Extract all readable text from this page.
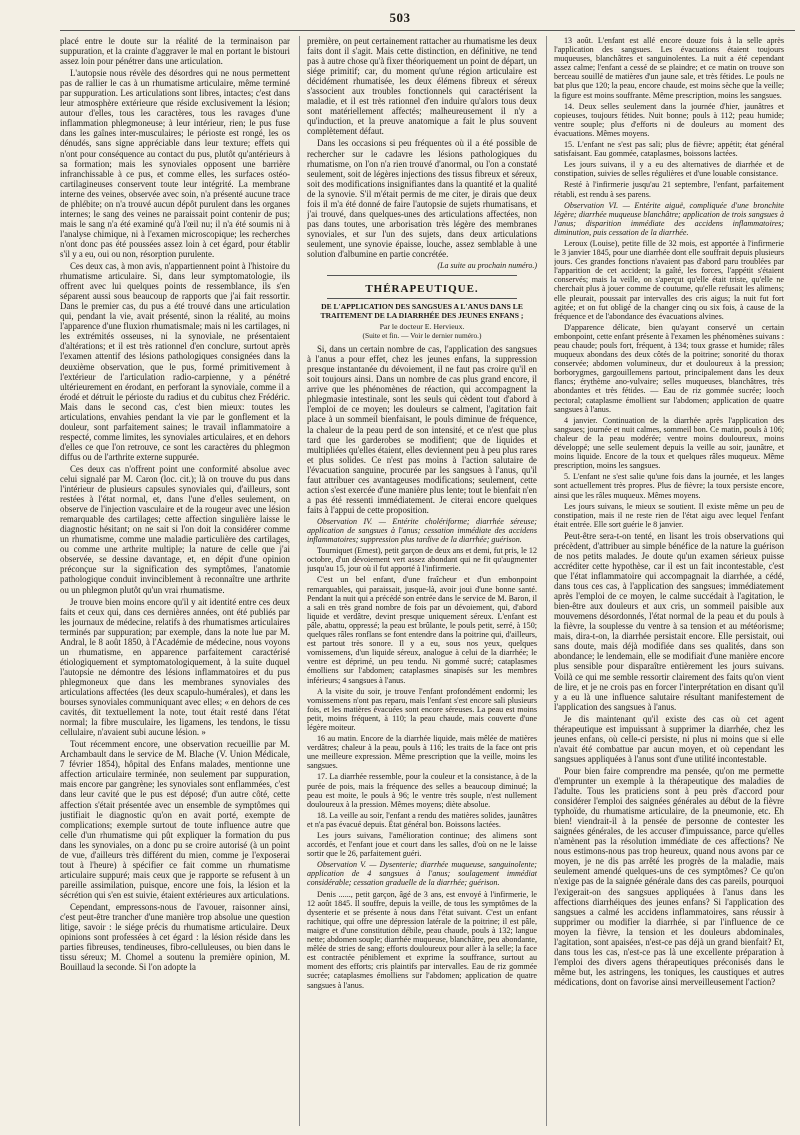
503

placé entre le doute sur la réalité de la terminaison par suppuration, et la crainte d'aggraver le mal en portant le bistouri assez loin pour pénétrer dans une articulation.

L'autopsie nous révèle des désordres qui ne nous permettent pas de rallier le cas à un rhumatisme articulaire, même terminé par suppuration. Les articulations sont libres, intactes; c'est dans leur atmosphère extérieure que réside exclusivement la lésion; autour d'elles, tous les caractères, tous les ravages d'une inflammation phlegmoneuse; à leur intérieur, rien; le pus fuse dans les gaînes inter-musculaires; le périoste est rongé, les os dénudés, sans signe appréciable dans leur texture; effets qui n'ont pour conséquence au contact du pus, plutôt qu'antérieurs à sa formation; mais les synoviales opposent une barrière infranchissable à ce pus, et comme elles, les surfaces ostéo-cartilagineuses conservent toute leur intégrité. La membrane interne des veines, observée avec soin, n'a présenté aucune trace de phlébite; on n'a trouvé aucun dépôt purulent dans les organes internes; le sang des veines ne paraissait point contenir de pus; mais le sang n'a été examiné qu'à l'œil nu; il n'a été soumis ni à l'analyse chimique, ni à l'examen microscopique; les recherches n'ont donc pas été poussées assez loin à cet égard, pour établir s'il y a eu, oui ou non, résorption purulente.

Ces deux cas, à mon avis, n'appartiennent point à l'histoire du rhumatisme articulaire. Si, dans leur symptomatologie, ils offrent avec lui quelques points de ressemblance, ils s'en séparent aussi sous beaucoup de rapports que j'ai fait ressortir. Dans le premier cas, du pus a été trouvé dans une articulation qui, pendant la vie, avait présenté, sinon la réalité, au moins l'apparence d'une fluxion rhumatismale; mais ni les cartilages, ni les extrémités osseuses, ni la synoviale, ne présentaient d'altérations; et il est très rationnel d'en conclure, surtout après l'examen attentif des lésions pathologiques consignées dans la deuxième observation, que le pus, formé primitivement à l'extérieur de l'articulation radio-carpienne, y a pénétré ultérieurement en érodant, en perforant la synoviale, comme il a érodé et détruit le périoste du radius et du cubitus chez Frédéric. Mais dans le second cas, c'est bien mieux: toutes les articulations, envahies pendant la vie par le gonflement et la douleur, sont parfaitement saines; le travail inflammatoire a respecté, comme limites, les synoviales articulaires, et en dehors d'elles ce que l'on retrouve, ce sont les caractères du phlegmon diffus ou de l'arthrite externe suppurée.

Ces deux cas n'offrent point une conformité absolue avec celui signalé par M. Caron (loc. cit.); là on trouve du pus dans l'intérieur de plusieurs capsules synoviales qui, d'ailleurs, sont restées à l'état normal, et, dans l'une d'elles seulement, on observe de l'injection vasculaire et de la rougeur avec une lésion remarquable des cartilages; cette affection singulière laisse le diagnostic hésitant; on ne sait si l'on doit la considérer comme un rhumatisme, comme une maladie particulière des cartilages, ou comme une arthrite multiple; la nature de celle que j'ai observée, se dessine davantage, et, en dépit d'une opinion préconçue sur la signification des symptômes, l'anatomie pathologique conduit invinciblement à reconnaître une arthrite ou un phlegmon plutôt qu'un vrai rhumatisme.

Je trouve bien moins encore qu'il y ait identité entre ces deux faits et ceux qui, dans ces dernières années, ont été publiés par les journaux de médecine, relatifs à des rhumatismes articulaires terminés par suppuration; par exemple, dans la note lue par M. Andral, le 8 août 1850, à l'Académie de médecine, nous voyons un rhumatisme, en apparence parfaitement caractérisé étiologiquement et symptomatologiquement, à la suite duquel l'autopsie ne démontre des lésions inflammatoires et du pus phlegmoneux que dans les membranes synoviales des articulations affectées (les deux scapulo-humérales), et dans les bourses synoviales communiquant avec elles; « en dehors de ces cavités, dit textuellement la note, tout était resté dans l'état normal; la fibre musculaire, les ligamens, les tendons, le tissu cellulaire, n'avaient subi aucune lésion. »

Tout récemment encore, une observation recueillie par M. Archambault dans le service de M. Blache (V. Union Médicale, 7 février 1854), hôpital des Enfans malades, mentionne une affection articulaire terminée, non seulement par suppuration, mais encore par gangrène; les synoviales sont enflammées, c'est dans leur cavité que le pus est déposé; d'un autre côté, cette affection s'était présentée avec un ensemble de symptômes qui justifiait le diagnostic qu'on en avait porté, exempte de complications; exemple surtout de toute influence autre que celle d'un rhumatisme qui pût expliquer la formation du pus dans les synoviales, on a donc pu se croire autorisé (à un point de vue, d'ailleurs très différent du mien, comme je l'exposerai tout à l'heure) à spécifier ce fait comme un rhumatisme articulaire suppuré; mais ceux que je rapporte se refusent à un pareille assimilation, puisque, encore une fois, la lésion et la sécrétion qui s'en est suivie, étaient extérieures aux articulations.

Cependant, empressons-nous de l'avouer, raisonner ainsi, c'est peut-être trancher d'une manière trop absolue une question litige, savoir : le siége précis du rhumatisme articulaire. Deux opinions sont professées à cet égard : la lésion réside dans les parties fibreuses, tendineuses, fibro-celluleuses, ou bien dans le tissu séreux; M. Chomel a soutenu la première opinion, M. Bouillaud la seconde. Si l'on adopte la

première, on peut certainement rattacher au rhumatisme les deux faits dont il s'agit. Mais cette distinction, en définitive, ne tend pas à autre chose qu'à fixer théoriquement un point de départ, un siége primitif; car, du moment qu'une région articulaire est décidément rhumatisée, les deux élémens fibreux et séreux s'associent aux troubles fonctionnels qui caractérisent la maladie, et il est très rationnel d'en induire qu'alors tous deux sont matériellement affectés; malheureusement il n'y a qu'induction, et la preuve anatomique a fait le plus souvent complètement défaut.

Dans les occasions si peu fréquentes où il a été possible de rechercher sur le cadavre les lésions pathologiques du rhumatisme, on l'on n'a rien trouvé d'anormal, ou l'on a constaté seulement, soit de légères injections des tissus fibreux et séreux, soit des modifications insignifiantes dans la quantité et la qualité de la synovie. S'il m'était permis de me citer, je dirais que deux fois il m'a été donné de faire l'autopsie de sujets rhumatisans, et j'ai trouvé, dans quelques-unes des articulations affectées, non pas dans toutes, une arborisation très légère des membranes synoviales, et sur l'un des sujets, dans deux articulations seulement, une synovie épaisse, louche, assez semblable à une solution d'albumine en partie concrétée.

(La suite au prochain numéro.)

THÉRAPEUTIQUE.

DE L'APPLICATION DES SANGSUES A L'ANUS DANS LE TRAITEMENT DE LA DIARRHÉE DES JEUNES ENFANS ;

Par le docteur E. Hervieux.

(Suite et fin. — Voir le dernier numéro.)

Si, dans un certain nombre de cas, l'application des sangsues à l'anus a pour effet, chez les jeunes enfans, la suppression presque instantanée du dévoiement, il ne faut pas croire qu'il en soit toujours ainsi. Dans un nombre de cas plus grand encore, il arrive que les phénomènes de réaction, qui accompagnent la phlegmasie intestinale, sont les seuls qui cèdent tout d'abord à l'emploi de ce moyen; les douleurs se calment, l'agitation fait place à un sommeil bienfaisant, le pouls diminue de fréquence, la chaleur de la peau perd de son intensité, et ce n'est que plus tard que les garderobes se modifient; que de liquides et multipliées qu'elles étaient, elles deviennent peu à peu plus rares et plus solides. Ce n'est pas moins à l'action salutaire de l'évacuation sanguine, procurée par les sangsues à l'anus, qu'il faut attribuer ces avantageuses modifications; seulement, cette action s'est exercée d'une manière plus lente; tout le bienfait n'en a pas été ressenti immédiatement. Je citerai encore quelques faits à l'appui de cette proposition.

Observation IV. — Entérite cholériforme; diarrhée séreuse; application de sangsues à l'anus; cessation immédiate des accidens inflammatoires; suppression plus tardive de la diarrhée; guérison.

Tourniquet (Ernest), petit garçon de deux ans et demi, fut pris, le 12 octobre, d'un dévoiement vert assez abondant qui ne fit qu'augmenter jusqu'au 15, jour où il fut apporté à l'infirmerie.

C'est un bel enfant, d'une fraîcheur et d'un embonpoint remarquables, qui paraissait, jusque-là, avoir joui d'une bonne santé. Pendant la nuit qui a précédé son entrée dans le service de M. Baron, il a sali en très grand nombre de fois par un dévoiement, qui, d'abord liquide et verdâtre, devint presque uniquement séreux. L'enfant est pâle, abattu, oppressé; la peau est brûlante, le pouls petit, serré, à 150; quelques râles ronflans se font entendre dans la poitrine qui, d'ailleurs, est partout très sonore. Il y a eu, sous nos yeux, quelques vomissemens, d'un liquide séreux, analogue à celui de la diarrhée; le ventre est déprimé, un peu tendu. Ni gommé sucré; cataplasmes émolliens sur l'abdomen; cataplasmes sinapisés sur les membres inférieurs; 4 sangsues à l'anus.

A la visite du soir, je trouve l'enfant profondément endormi; les vomissemens n'ont pas reparu, mais l'enfant s'est encore sali plusieurs fois, et les matières évacuées sont encore séreuses. La peau est moins petit, moins fréquent, à 110; la peau chaude, mais couverte d'une légère moiteur.

16 au matin. Encore de la diarrhée liquide, mais mêlée de matières verdâtres; chaleur à la peau, pouls à 116; les traits de la face ont pris une meilleure expression. Même prescription que la veille, moins les sangsues.

17. La diarrhée ressemble, pour la couleur et la consistance, à de la purée de pois, mais la fréquence des selles a beaucoup diminué; la peau est moite, le pouls à 96; le ventre très souple, n'est nullement douloureux à la pression. Mêmes moyens; diète absolue.

18. La veille au soir, l'enfant a rendu des matières solides, jaunâtres et n'a pas évacué depuis. État général bon. Boissons lactées.

Les jours suivans, l'amélioration continue; des alimens sont accordés, et l'enfant joue et court dans les salles, d'où on ne le laisse sortir que le 26, parfaitement guéri.

Observation V. — Dysenterie; diarrhée muqueuse, sanguinolente; application de 4 sangsues à l'anus; soulagement immédiat considérable; cessation graduelle de la diarrhée; guérison.

Denis ......, petit garçon, âgé de 3 ans, est envoyé à l'infirmerie, le 12 août 1845. Il souffre, depuis la veille, de tous les symptômes de la dysenterie et se présente à nous dans l'état suivant. C'est un enfant rachitique, qui offre une dépression latérale de la poitrine; il est pâle, maigre et d'une constitution débile, peau chaude, pouls à 132; langue nette; abdomen souple; diarrhée muqueuse, blanchâtre, peu abondante, mêlée de stries de sang; efforts douloureux pour aller à la selle; la face est contractée péniblement et exprime la souffrance, surtout au moment des efforts; cris plaintifs par intervalles. Eau de riz gommée sucrée; cataplasmes émolliens sur l'abdomen; application de quatre sangsues à l'anus.

13 août. L'enfant est allé encore douze fois à la selle après l'application des sangsues. Les évacuations étaient toujours muqueuses, blanchâtres et sanguinolentes. La nuit a été cependant assez calme; l'enfant a cessé de se plaindre; et ce matin on trouve son berceau souillé de matières d'un jaune sale, et très fétides. Le pouls ne bat plus que 120; la peau, encore chaude, est moins sèche que la veille; la figure est moins souffrante. Même prescription, moins les sangsues.

14. Deux selles seulement dans la journée d'hier, jaunâtres et copieuses, toujours fétides. Nuit bonne; pouls à 112; peau humide; ventre souple; plus d'efforts ni de douleurs au moment des évacuations. Mêmes moyens.

15. L'enfant ne s'est pas sali; plus de fièvre; appétit; état général satisfaisant. Eau gommée, cataplasmes, boissons lactées.

Les jours suivans, il y a eu des alternatives de diarrhée et de constipation, suivies de selles régulières et d'une louable consistance.

Resté à l'infirmerie jusqu'au 21 septembre, l'enfant, parfaitement rétabli, est rendu à ses parens.

Observation VI. — Entérite aiguë, compliquée d'une bronchite légère; diarrhée muqueuse blanchâtre; application de trois sangsues à l'anus; disparition immédiate des accidens inflammatoires; diminution, puis cessation de la diarrhée.

Leroux (Louise), petite fille de 32 mois, est apportée à l'infirmerie le 3 janvier 1845, pour une diarrhée dont elle souffrait depuis plusieurs jours. Ces grandes fonctions n'avaient pas d'abord paru troublées par l'apparition de cet accident; la gaîté, les forces, l'appétit s'étaient conservés; mais la veille, on s'aperçut qu'elle était triste, qu'elle ne cherchait plus à jouer comme de coutume, qu'elle refusait les alimens; elle pleurait, poussait par intervalles des cris aigus; la nuit fut fort agitée; et on fut obligé de la changer cinq ou six fois, à cause de la fréquence et de l'abondance des évacuations alvines.

D'apparence délicate, bien qu'ayant conservé un certain embonpoint, cette enfant présente à l'examen les phénomènes suivans : peau chaude; pouls fort, fréquent, à 134; toux grasse et humide; râles muqueux abondans des deux côtés de la poitrine; sonorité du thorax conservée; abdomen volumineux, dur et douloureux à la pression; borborygmes, gargouillemens partout, principalement dans les deux flancs; érythème ano-vulvaire; selles muqueuses, blanchâtres, très abondantes et très fétides. — Eau de riz gommée sucrée; looch pectoral; cataplasme émollient sur l'abdomen; application de quatre sangsues à l'anus.

4 janvier. Continuation de la diarrhée après l'application des sangsues; journée et nuit calmes, sommeil bon. Ce matin, pouls à 106; chaleur de la peau modérée; ventre moins douloureux, moins développé; une selle seulement depuis la veille au soir, jaunâtre, et moins liquide. Encore de la toux et quelques râles muqueux. Même prescription, moins les sangsues.

5. L'enfant ne s'est salie qu'une fois dans la journée, et les langes sont actuellement très propres. Plus de fièvre; la toux persiste encore, ainsi que les râles muqueux. Mêmes moyens.

Les jours suivans, le mieux se soutient. Il existe même un peu de constipation, mais il ne reste rien de l'état aigu avec lequel l'enfant était entrée. Elle sort guérie le 8 janvier.

Peut-être sera-t-on tenté, en lisant les trois observations qui précèdent, d'attribuer au simple bénéfice de la nature la guérison de nos petits malades. Je doute qu'un examen sérieux puisse accréditer cette hypothèse, car il est un fait incontestable, c'est que l'état inflammatoire qui accompagnait la diarrhée, a cédé, dans tous ces cas, à l'application des sangsues; immédiatement après l'emploi de ce moyen, le calme succédait à l'agitation, le bien-être aux douleurs et aux cris, un sommeil paisible aux mouvemens désordonnés, l'état normal de la peau et du pouls à la fièvre, la souplesse du ventre à sa tension et au météorisme; mais, dira-t-on, la diarrhée persistait encore. Elle persistait, oui sans doute, mais déjà modifiée dans ses qualités, dans son abondance; le lendemain, elle se modifiait d'une manière encore plus sensible pour disparaître entièrement les jours suivans. Voilà ce qui me semble ressortir clairement des faits qu'on vient de lire, et je ne crois pas en forcer l'interprétation en disant qu'il y a eu là une influence salutaire résultant manifestement de l'application des sangsues à l'anus.

Je dis maintenant qu'il existe des cas où cet agent thérapeutique est impuissant à supprimer la diarrhée, chez les jeunes enfans, où celle-ci persiste, ni plus ni moins que si elle n'avait été combattue par aucun moyen, et où cependant les sangsues appliquées à l'anus sont d'une utilité incontestable.

Pour bien faire comprendre ma pensée, qu'on me permette d'emprunter un exemple à la thérapeutique des maladies de l'adulte. Tous les praticiens sont à peu près d'accord pour considérer l'emploi des saignées générales au début de la fièvre typhoïde, du rhumatisme articulaire, de la pneumonie, etc. Eh bien! viendrait-il à la pensée de personne de contester les saignées générales, de les accuser d'impuissance, parce qu'elles n'amènent pas la résolution immédiate de ces affections? Ne nous estimons-nous pas trop heureux, quand nous avons par ce moyen, je ne dis pas arrêté les progrès de la maladie, mais seulement amendé quelques-uns de ces symptômes? Ce qu'on n'exige pas de la saignée générale dans des cas pareils, pourquoi l'exigerait-on des sangsues appliquées à l'anus dans les affections diarrhéiques des jeunes enfans? Si l'application des sangsues a calmé les accidens inflammatoires, sans réussir à supprimer ou modifier la diarrhée, si par l'influence de ce moyen la fièvre, la tension et les douleurs abdominales, l'agitation, sont apaisées, n'est-ce pas déjà un grand bienfait? Et, dans tous les cas, n'est-ce pas là une excellente préparation à l'emploi des divers agens thérapeutiques préconisés dans le même but, les astringens, les toniques, les caustiques et autres médications, dont on favorise ainsi merveilleusement l'action?
